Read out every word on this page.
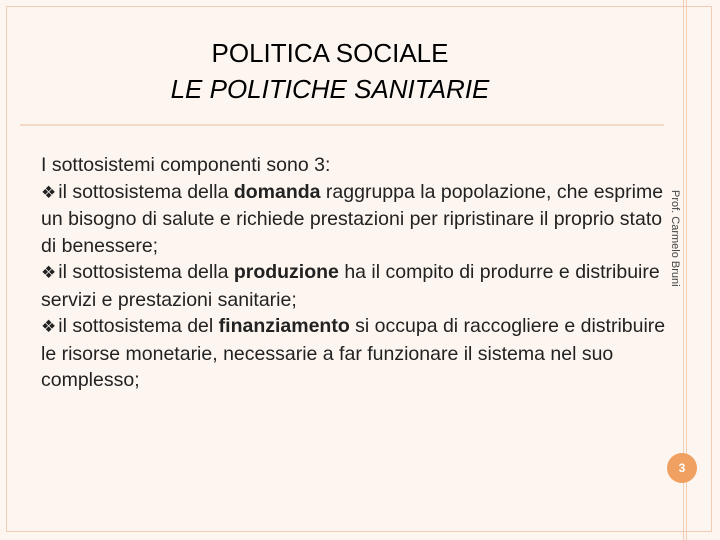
POLITICA SOCIALE
LE POLITICHE SANITARIE

I sottosistemi componenti sono 3:

❖ il sottosistema della domanda raggruppa la popolazione, che esprime un bisogno di salute e richiede prestazioni per ripristinare il proprio stato di benessere;

❖ il sottosistema della produzione ha il compito di produrre e distribuire servizi e prestazioni sanitarie;

❖ il sottosistema del finanziamento si occupa di raccogliere e distribuire le risorse monetarie, necessarie a far funzionare il sistema nel suo complesso;

Prof. Carmelo Bruni
3
